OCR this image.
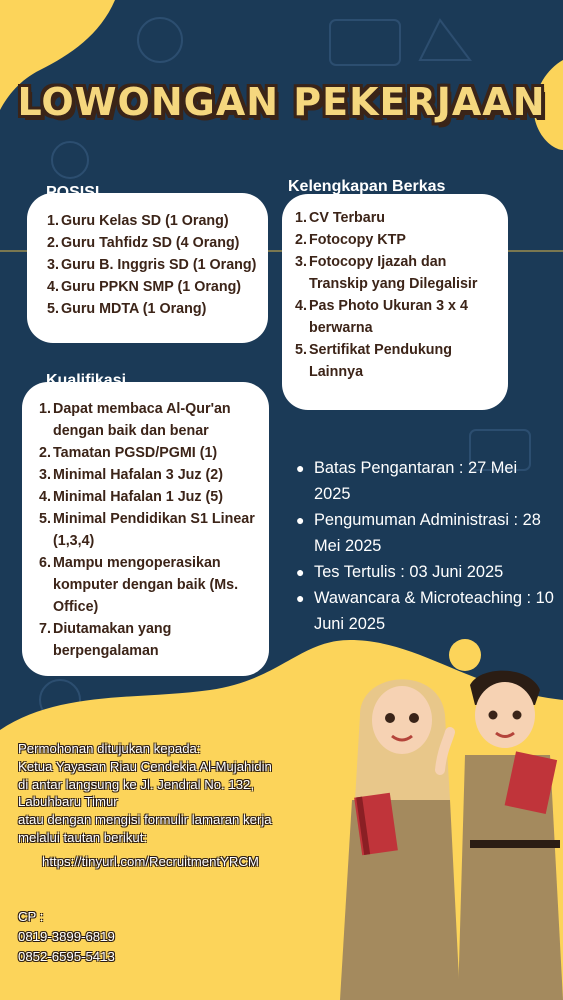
LOWONGAN PEKERJAAN
POSISI
1. Guru Kelas SD (1 Orang)
2. Guru Tahfidz SD (4 Orang)
3. Guru B. Inggris SD (1 Orang)
4. Guru PPKN SMP (1 Orang)
5. Guru MDTA (1 Orang)
Kelengkapan Berkas
1. CV Terbaru
2. Fotocopy KTP
3. Fotocopy Ijazah dan Transkip yang Dilegalisir
4. Pas Photo Ukuran 3 x 4 berwarna
5. Sertifikat Pendukung Lainnya
Kualifikasi
1. Dapat membaca Al-Qur'an dengan baik dan benar
2. Tamatan PGSD/PGMI (1)
3. Minimal Hafalan 3 Juz (2)
4. Minimal Hafalan 1 Juz (5)
5. Minimal Pendidikan S1 Linear (1,3,4)
6. Mampu mengoperasikan komputer dengan baik (Ms. Office)
7. Diutamakan yang berpengalaman
● Batas Pengantaran : 27 Mei 2025
● Pengumuman Administrasi : 28 Mei 2025
● Tes Tertulis : 03 Juni 2025
● Wawancara & Microteaching : 10 Juni 2025
Permohonan ditujukan kepada:
Ketua Yayasan Riau Cendekia Al-Mujahidin
di antar langsung ke Jl. Jendral No. 132,
Labuhbaru Timur
atau dengan mengisi formulir lamaran kerja
melalui tautan berikut:
https://tinyurl.com/RecruitmentYRCM
CP :
0819-3899-6819
0852-6595-5413
